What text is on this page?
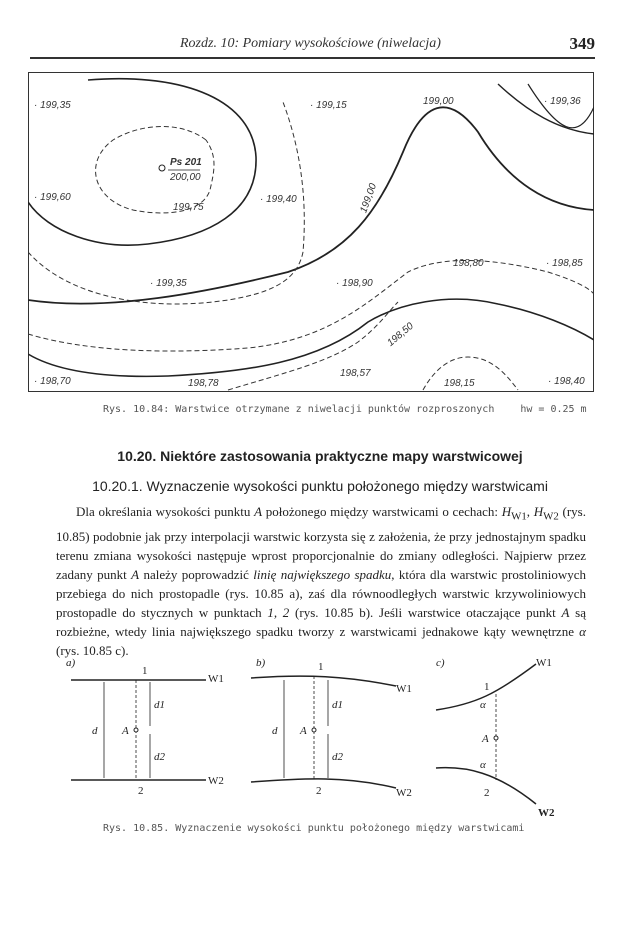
Rozdz. 10: Pomiary wysokościowe (niwelacja)	349
· 199,35	· 199,15	199,00	· 199,36
Ps 201
200,00
· 199,60
199,75
· 199,40	199,00
198,80	· 198,85
· 199,35	· 198,90
198,50
· 198,70	198,78
198,57
198,15	· 198,40
Rys. 10.84: Warstwice otrzymane z niwelacji punktów rozproszonych	hw = 0.25 m
10.20. Niektóre zastosowania praktyczne mapy warstwicowej
10.20.1. Wyznaczenie wysokości punktu położonego między warstwicami

Dla określania wysokości punktu A położonego między warstwicami o cechach: $H_{W1}$, $H_{W2}$ (rys. 10.85) podobnie jak przy interpolacji warstwic korzysta się z założenia, że przy jednostajnym spadku terenu zmiana wysokości następuje wprost proporcjonalnie do zmiany odległości. Najpierw przez zadany punkt A należy poprowadzić linię największego spadku, która dla warstwic prostoliniowych przebiega do nich prostopadle (rys. 10.85 a), zaś dla równoodległych warstwic krzywoliniowych prostopadle do stycznych w punktach 1, 2 (rys. 10.85 b). Jeśli warstwice otaczające punkt A są rozbieżne, wtedy linia największego spadku tworzy z warstwicami jednakowe kąty wewnętrzne α (rys. 10.85 c).

a)
W1
W2
d
1
2
A
d1
d2
b)
W1
W2
d
1
2
A
d1
d2
c)	W1
W2
1
2
A
α
α
Rys. 10.85. Wyznaczenie wysokości punktu położonego między warstwicami
